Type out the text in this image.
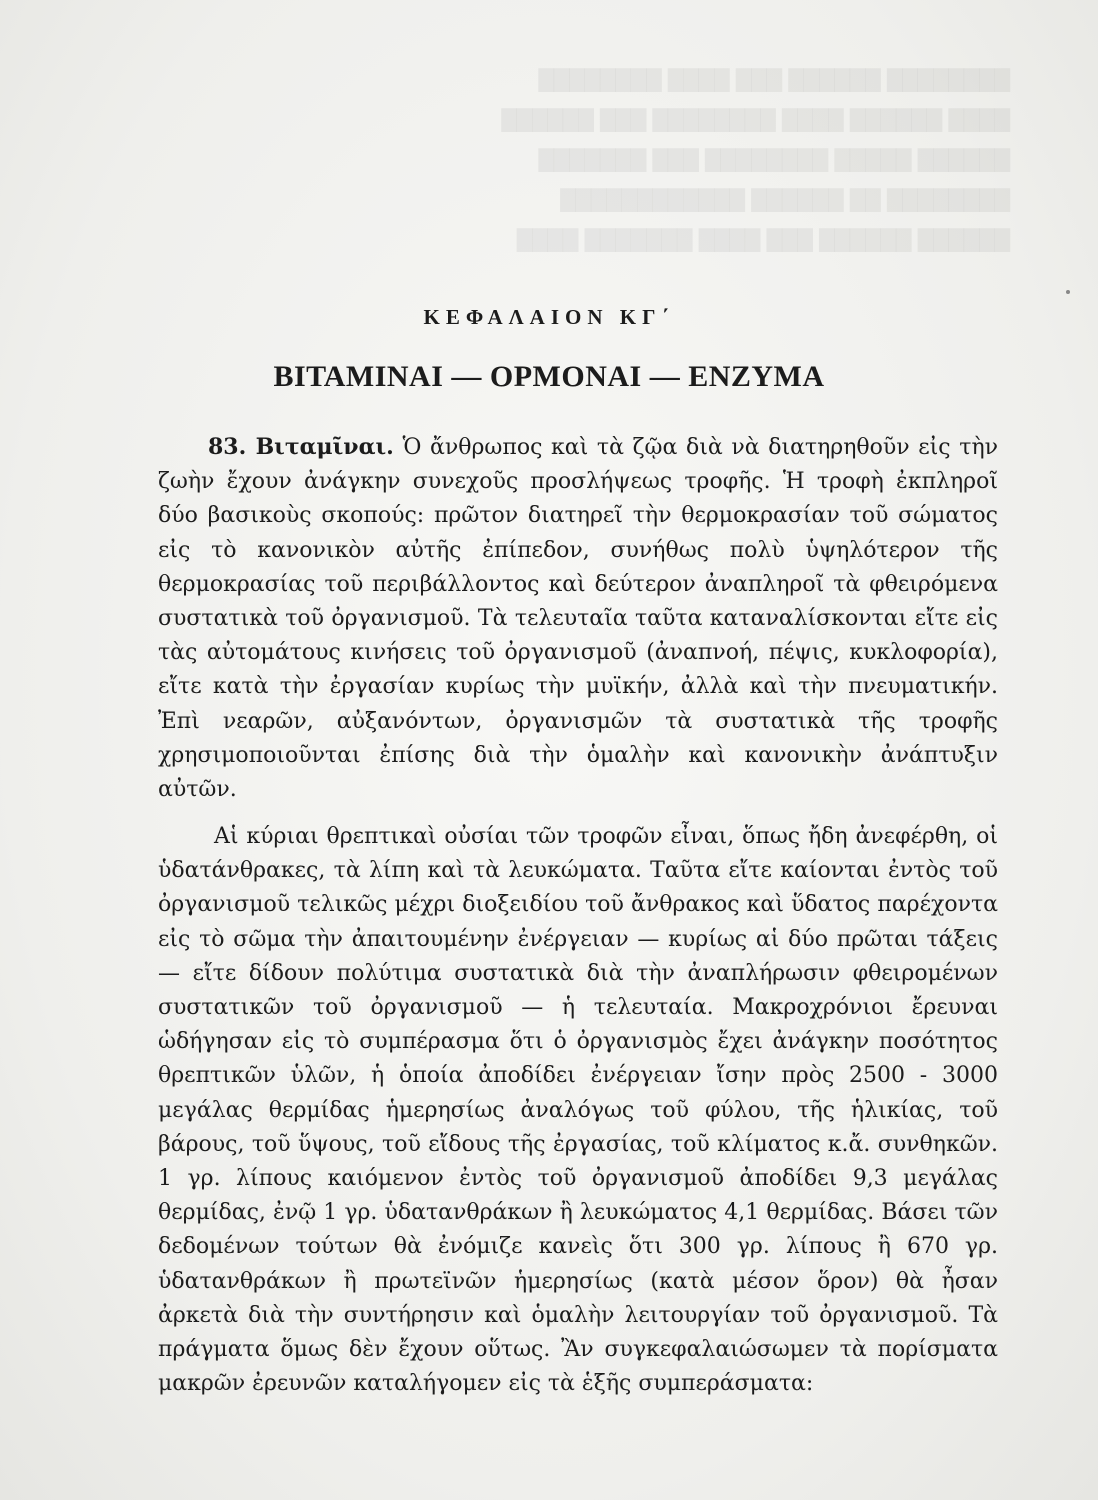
████████ ██████ ███ ████ ████████
████ ██████ ████ ████████ ███ ██████
██████ █████ ████████ ███ ███████
████████ ██ ██████ ████████████
██████ ██████ ███ ████ ███████ ████
ΚΕΦΑΛΑΙΟΝ ΚΓ΄
ΒΙΤΑΜΙΝΑΙ — ΟΡΜΟΝΑΙ — ΕΝΖΥΜΑ

83. Βιταμῖναι. Ὁ ἄνθρωπος καὶ τὰ ζῷα διὰ νὰ διατηρηθοῦν εἰς τὴν ζωὴν ἔχουν ἀνάγκην συνεχοῦς προσλήψεως τροφῆς. Ἡ τροφὴ ἐκπληροῖ δύο βασικοὺς σκοπούς: πρῶτον διατηρεῖ τὴν θερμοκρασίαν τοῦ σώματος εἰς τὸ κανονικὸν αὐτῆς ἐπίπεδον, συνήθως πολὺ ὑψηλότερον τῆς θερμοκρασίας τοῦ περιβάλλοντος καὶ δεύτερον ἀναπληροῖ τὰ φθειρόμενα συστατικὰ τοῦ ὀργανισμοῦ. Τὰ τελευταῖα ταῦτα καταναλίσκονται εἴτε εἰς τὰς αὐτομάτους κινήσεις τοῦ ὀργανισμοῦ (ἀναπνοή, πέψις, κυκλοφορία), εἴτε κατὰ τὴν ἐργασίαν κυρίως τὴν μυϊκήν, ἀλλὰ καὶ τὴν πνευματικήν. Ἐπὶ νεαρῶν, αὐξανόντων, ὀργανισμῶν τὰ συστατικὰ τῆς τροφῆς χρησιμοποιοῦνται ἐπίσης διὰ τὴν ὁμαλὴν καὶ κανονικὴν ἀνάπτυξιν αὐτῶν.

Αἱ κύριαι θρεπτικαὶ οὐσίαι τῶν τροφῶν εἶναι, ὅπως ἤδη ἀνεφέρθη, οἱ ὑδατάνθρακες, τὰ λίπη καὶ τὰ λευκώματα. Ταῦτα εἴτε καίονται ἐντὸς τοῦ ὀργανισμοῦ τελικῶς μέχρι διοξειδίου τοῦ ἄνθρακος καὶ ὕδατος παρέχοντα εἰς τὸ σῶμα τὴν ἀπαιτουμένην ἐνέργειαν — κυρίως αἱ δύο πρῶται τάξεις — εἴτε δίδουν πολύτιμα συστατικὰ διὰ τὴν ἀναπλήρωσιν φθειρομένων συστατικῶν τοῦ ὀργανισμοῦ — ἡ τελευταία. Μακροχρόνιοι ἔρευναι ὡδήγησαν εἰς τὸ συμπέρασμα ὅτι ὁ ὀργανισμὸς ἔχει ἀνάγκην ποσότητος θρεπτικῶν ὑλῶν, ἡ ὁποία ἀποδίδει ἐνέργειαν ἴσην πρὸς 2500 - 3000 μεγάλας θερμίδας ἡμερησίως ἀναλόγως τοῦ φύλου, τῆς ἡλικίας, τοῦ βάρους, τοῦ ὕψους, τοῦ εἴδους τῆς ἐργασίας, τοῦ κλίματος κ.ἄ. συνθηκῶν. 1 γρ. λίπους καιόμενον ἐντὸς τοῦ ὀργανισμοῦ ἀποδίδει 9,3 μεγάλας θερμίδας, ἐνῷ 1 γρ. ὑδατανθράκων ἢ λευκώματος 4,1 θερμίδας. Βάσει τῶν δεδομένων τούτων θὰ ἐνόμιζε κανεὶς ὅτι 300 γρ. λίπους ἢ 670 γρ. ὑδατανθράκων ἢ πρωτεϊνῶν ἡμερησίως (κατὰ μέσον ὅρον) θὰ ἦσαν ἀρκετὰ διὰ τὴν συντήρησιν καὶ ὁμαλὴν λειτουργίαν τοῦ ὀργανισμοῦ. Τὰ πράγματα ὅμως δὲν ἔχουν οὕτως. Ἂν συγκεφαλαιώσωμεν τὰ πορίσματα μακρῶν ἐρευνῶν καταλήγομεν εἰς τὰ ἑξῆς συμπεράσματα:
